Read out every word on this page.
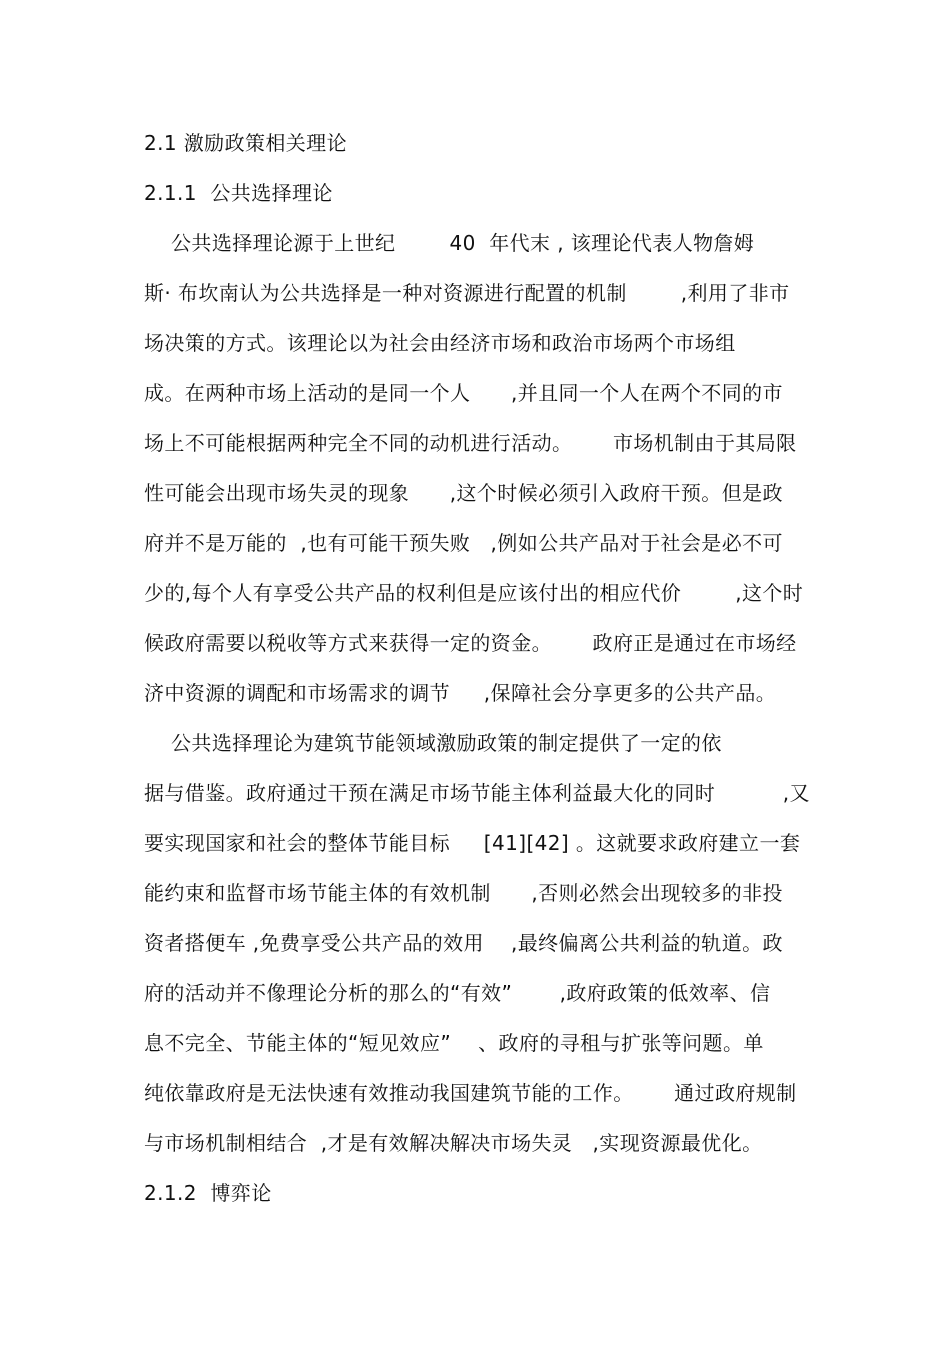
2.1 激励政策相关理论
2.1.1  公共选择理论
公共选择理论源于上世纪        40  年代末 , 该理论代表人物詹姆
斯· 布坎南认为公共选择是一种对资源进行配置的机制        ,利用了非市
场决策的方式。该理论以为社会由经济市场和政治市场两个市场组
成。在两种市场上活动的是同一个人      ,并且同一个人在两个不同的市
场上不可能根据两种完全不同的动机进行活动。      市场机制由于其局限
性可能会出现市场失灵的现象      ,这个时候必须引入政府干预。但是政
府并不是万能的  ,也有可能干预失败   ,例如公共产品对于社会是必不可
少的,每个人有享受公共产品的权利但是应该付出的相应代价        ,这个时
候政府需要以税收等方式来获得一定的资金。      政府正是通过在市场经
济中资源的调配和市场需求的调节     ,保障社会分享更多的公共产品。
公共选择理论为建筑节能领域激励政策的制定提供了一定的依
据与借鉴。政府通过干预在满足市场节能主体利益最大化的同时          ,又
要实现国家和社会的整体节能目标     [41][42] 。这就要求政府建立一套
能约束和监督市场节能主体的有效机制      ,否则必然会出现较多的非投
资者搭便车 ,免费享受公共产品的效用    ,最终偏离公共利益的轨道。政
府的活动并不像理论分析的那么的“有效”       ,政府政策的低效率、信
息不完全、节能主体的“短见效应”    、政府的寻租与扩张等问题。单
纯依靠政府是无法快速有效推动我国建筑节能的工作。      通过政府规制
与市场机制相结合  ,才是有效解决解决市场失灵   ,实现资源最优化。
2.1.2  博弈论
